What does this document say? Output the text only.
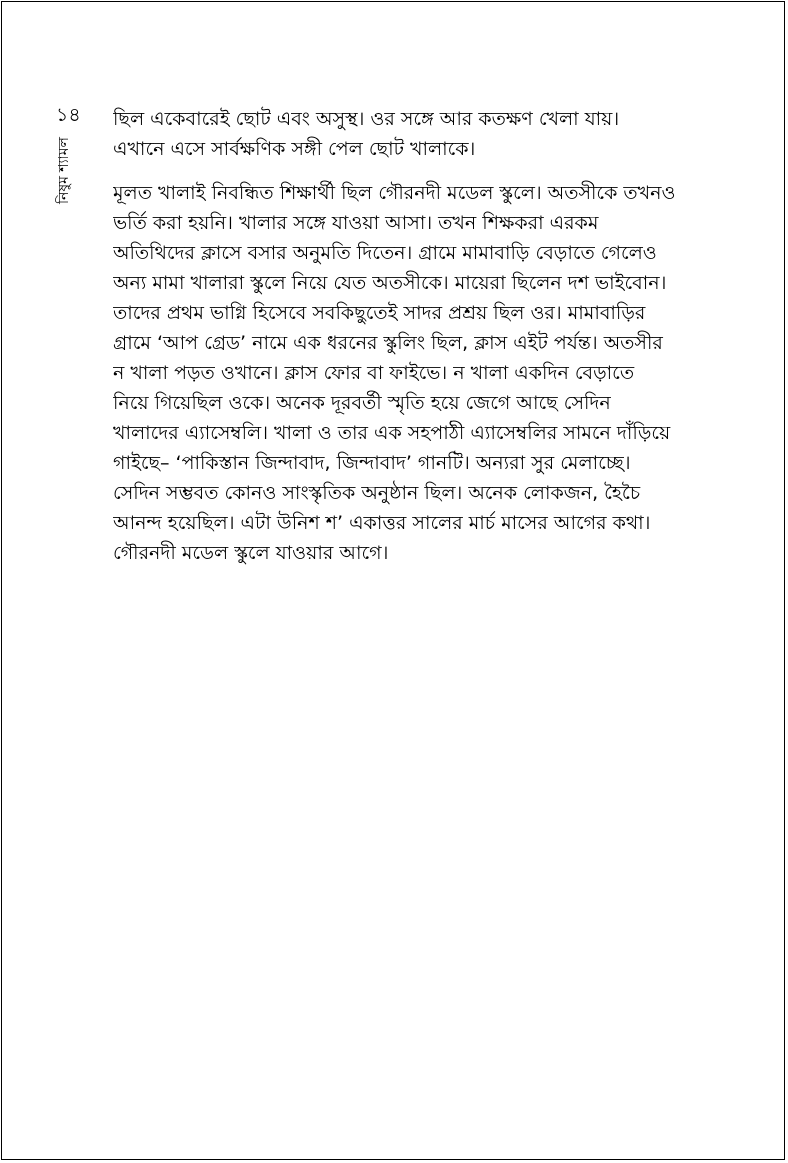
১৪
নিষুম শ্যামল
ছিল একেবারেই ছোট এবং অসুস্থ। ওর সঙ্গে আর কতক্ষণ খেলা যায়।
এখানে এসে সার্বক্ষণিক সঙ্গী পেল ছোট খালাকে।
মূলত খালাই নিবন্ধিত শিক্ষার্থী ছিল গৌরনদী মডেল স্কুলে। অতসীকে তখনও
ভর্তি করা হয়নি। খালার সঙ্গে যাওয়া আসা। তখন শিক্ষকরা এরকম
অতিথিদের ক্লাসে বসার অনুমতি দিতেন। গ্রামে মামাবাড়ি বেড়াতে গেলেও
অন্য মামা খালারা স্কুলে নিয়ে যেত অতসীকে। মায়েরা ছিলেন দশ ভাইবোন।
তাদের প্রথম ভাগ্নি হিসেবে সবকিছুতেই সাদর প্রশ্রয় ছিল ওর। মামাবাড়ির
গ্রামে ‘আপ গ্রেড’ নামে এক ধরনের স্কুলিং ছিল, ক্লাস এইট পর্যন্ত। অতসীর
ন খালা পড়ত ওখানে। ক্লাস ফোর বা ফাইভে। ন খালা একদিন বেড়াতে
নিয়ে গিয়েছিল ওকে। অনেক দূরবর্তী স্মৃতি হয়ে জেগে আছে সেদিন
খালাদের এ্যাসেম্বলি। খালা ও তার এক সহপাঠী এ্যাসেম্বলির সামনে দাঁড়িয়ে
গাইছে– ‘পাকিস্তান জিন্দাবাদ, জিন্দাবাদ’ গানটি। অন্যরা সুর মেলাচ্ছে।
সেদিন সম্ভবত কোনও সাংস্কৃতিক অনুষ্ঠান ছিল। অনেক লোকজন, হৈচৈ
আনন্দ হয়েছিল। এটা উনিশ শ’ একাত্তর সালের মার্চ মাসের আগের কথা।
গৌরনদী মডেল স্কুলে যাওয়ার আগে।
